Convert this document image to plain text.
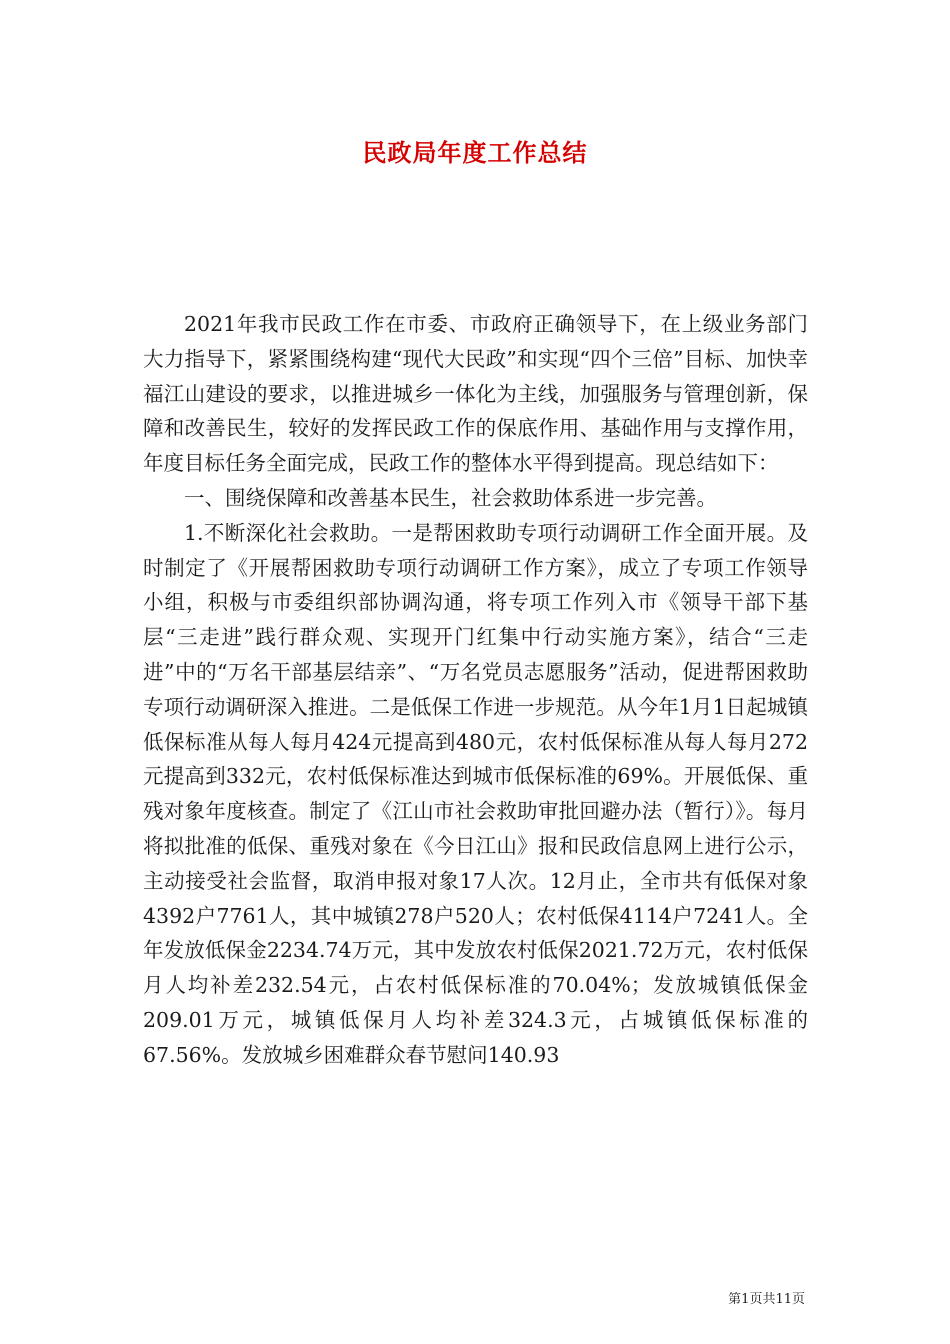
民政局年度工作总结

2021年我市民政工作在市委、市政府正确领导下，在上级业务部门大力指导下，紧紧围绕构建“现代大民政”和实现“四个三倍”目标、加快幸福江山建设的要求，以推进城乡一体化为主线，加强服务与管理创新，保障和改善民生，较好的发挥民政工作的保底作用、基础作用与支撑作用，年度目标任务全面完成，民政工作的整体水平得到提高。现总结如下：

一、围绕保障和改善基本民生，社会救助体系进一步完善。

1.不断深化社会救助。一是帮困救助专项行动调研工作全面开展。及时制定了《开展帮困救助专项行动调研工作方案》，成立了专项工作领导小组，积极与市委组织部协调沟通，将专项工作列入市《领导干部下基层“三走进”践行群众观、实现开门红集中行动实施方案》，结合“三走进”中的“万名干部基层结亲”、“万名党员志愿服务”活动，促进帮困救助专项行动调研深入推进。二是低保工作进一步规范。从今年1月1日起城镇低保标准从每人每月424元提高到480元，农村低保标准从每人每月272元提高到332元，农村低保标准达到城市低保标准的69%。开展低保、重残对象年度核查。制定了《江山市社会救助审批回避办法（暂行）》。每月将拟批准的低保、重残对象在《今日江山》报和民政信息网上进行公示，主动接受社会监督，取消申报对象17人次。12月止，全市共有低保对象4392户7761人，其中城镇278户520人；农村低保4114户7241人。全年发放低保金2234.74万元，其中发放农村低保2021.72万元，农村低保月人均补差232.54元，占农村低保标准的70.04%；发放城镇低保金209.01万元，城镇低保月人均补差324.3元，占城镇低保标准的67.56%。发放城乡困难群众春节慰问140.93

第1页共11页
